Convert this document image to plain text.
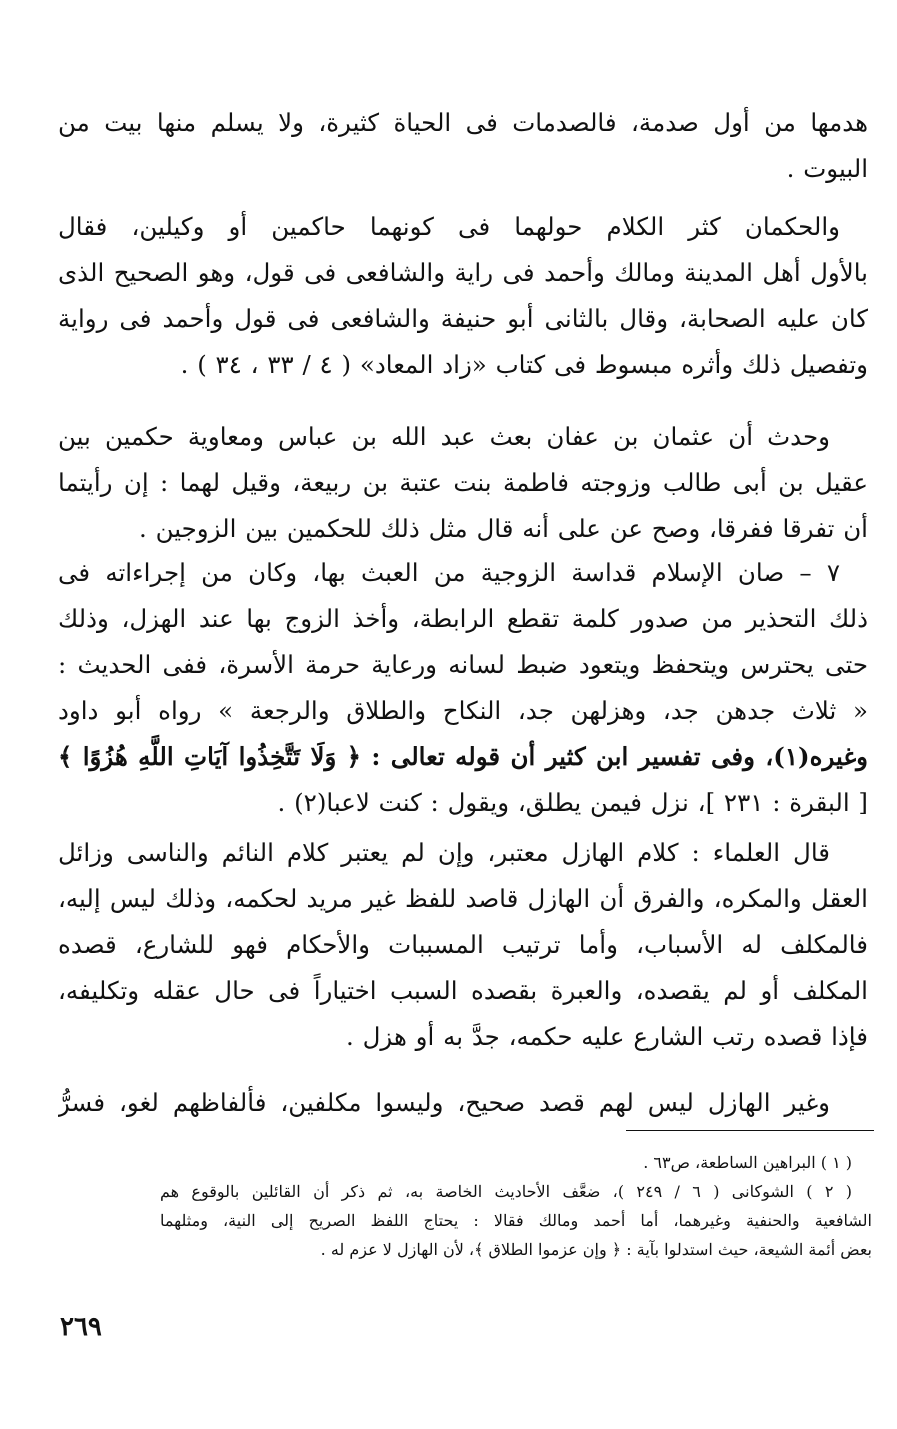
هدمها من أول صدمة، فالصدمات فى الحياة كثيرة، ولا يسلم منها بيت من
البيوت .
والحكمان كثر الكلام حولهما فى كونهما حاكمين أو وكيلين، فقال
بالأول أهل المدينة ومالك وأحمد فى راية والشافعى فى قول، وهو الصحيح الذى
كان عليه الصحابة، وقال بالثانى أبو حنيفة والشافعى فى قول وأحمد فى رواية
وتفصيل ذلك وأثره مبسوط فى كتاب «زاد المعاد» ( ٤ / ٣٣ ، ٣٤ ) .
وحدث أن عثمان بن عفان بعث عبد الله بن عباس ومعاوية حكمين بين
عقيل بن أبى طالب وزوجته فاطمة بنت عتبة بن ربيعة، وقيل لهما : إن رأيتما
أن تفرقا ففرقا، وصح عن على أنه قال مثل ذلك للحكمين بين الزوجين .
٧ – صان الإسلام قداسة الزوجية من العبث بها، وكان من إجراءاته فى
ذلك التحذير من صدور كلمة تقطع الرابطة، وأخذ الزوج بها عند الهزل، وذلك
حتى يحترس ويتحفظ ويتعود ضبط لسانه ورعاية حرمة الأسرة، ففى الحديث :
« ثلاث جدهن جد، وهزلهن جد، النكاح والطلاق والرجعة » رواه أبو داود
وغيره(١)، وفى تفسير ابن كثير أن قوله تعالى : ﴿ وَلَا تَتَّخِذُوا آيَاتِ اللَّهِ هُزُوًا ﴾
[ البقرة : ٢٣١ ]، نزل فيمن يطلق، ويقول : كنت لاعبا(٢) .
قال العلماء : كلام الهازل معتبر، وإن لم يعتبر كلام النائم والناسى وزائل
العقل والمكره، والفرق أن الهازل قاصد للفظ غير مريد لحكمه، وذلك ليس إليه،
فالمكلف له الأسباب، وأما ترتيب المسببات والأحكام فهو للشارع، قصده
المكلف أو لم يقصده، والعبرة بقصده السبب اختياراً فى حال عقله وتكليفه،
فإذا قصده رتب الشارع عليه حكمه، جدَّ به أو هزل .
وغير الهازل ليس لهم قصد صحيح، وليسوا مكلفين، فألفاظهم لغو، فسرُّ
( ١ ) البراهين الساطعة، ص٦٣ .
( ٢ ) الشوكانى ( ٦ / ٢٤٩ )، ضعَّف الأحاديث الخاصة به، ثم ذكر أن القائلين بالوقوع هم
الشافعية والحنفية وغيرهما، أما أحمد ومالك فقالا : يحتاج اللفظ الصريح إلى النية، ومثلهما
بعض أئمة الشيعة، حيث استدلوا بآية : ﴿ وإن عزموا الطلاق ﴾، لأن الهازل لا عزم له .
٢٦٩
